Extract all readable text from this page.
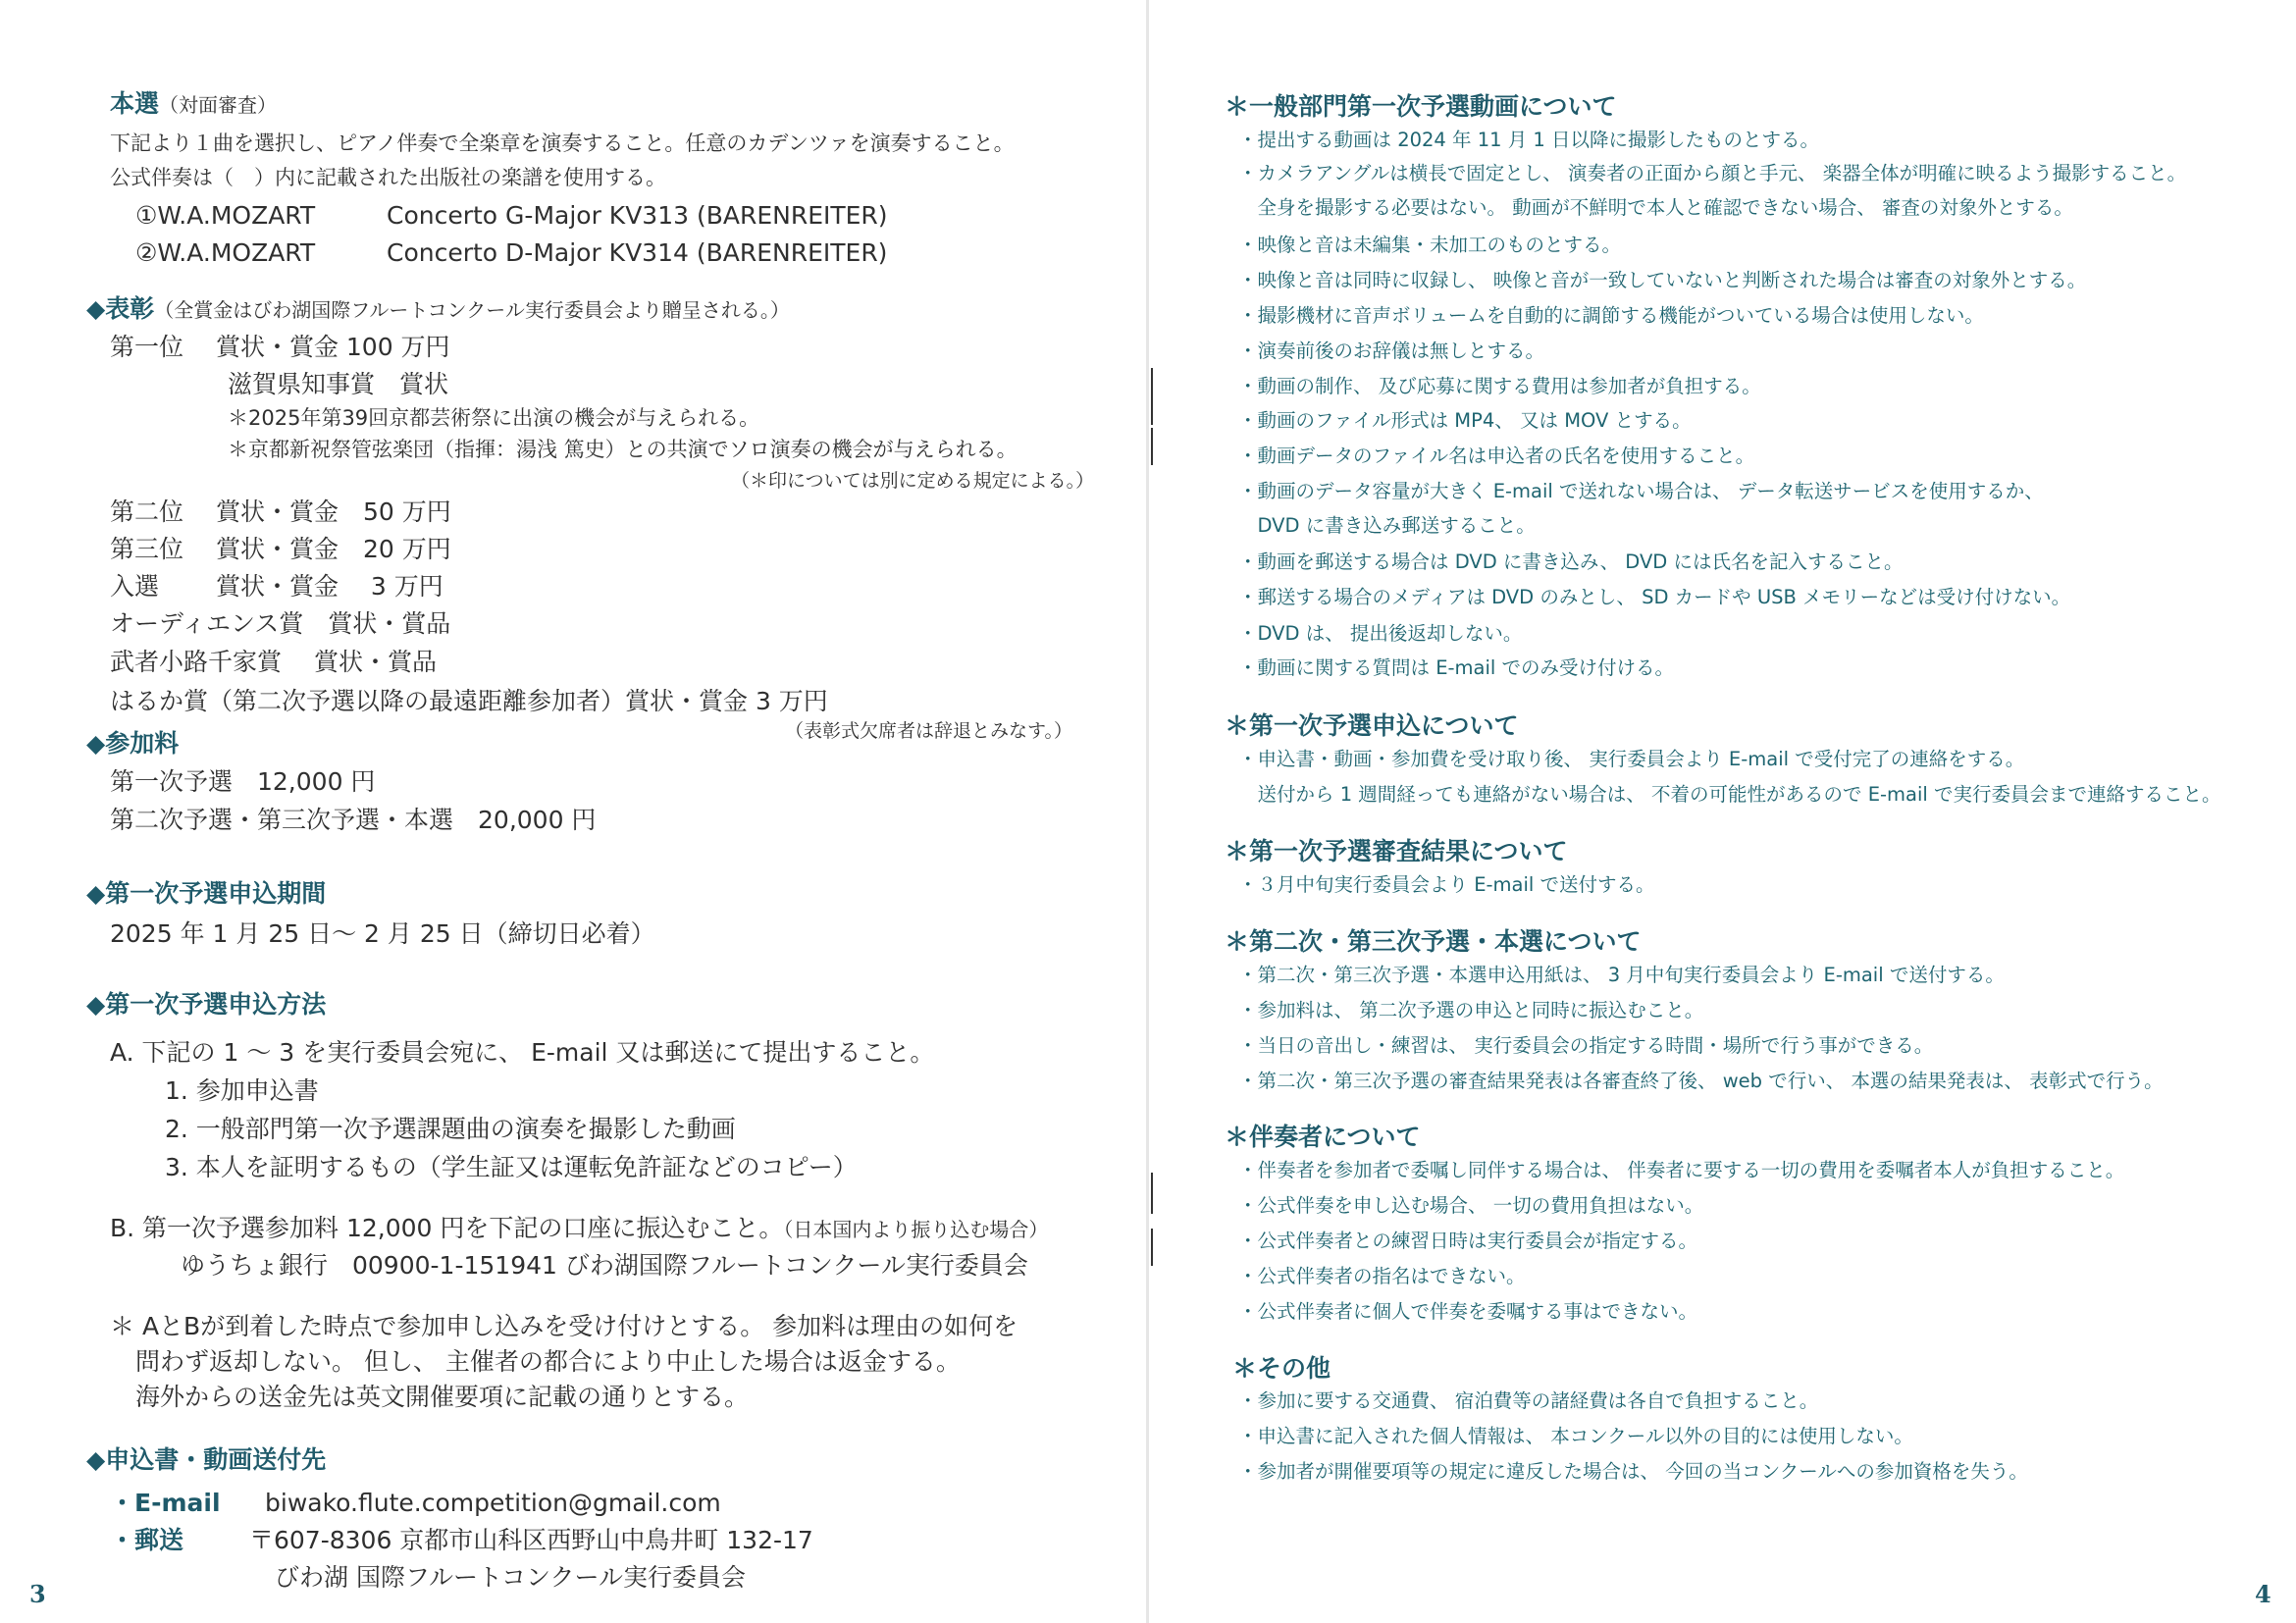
本選（対面審査）
下記より１曲を選択し、ピアノ伴奏で全楽章を演奏すること。任意のカデンツァを演奏すること。
公式伴奏は（　）内に記載された出版社の楽譜を使用する。
①W.A.MOZART	Concerto G-Major KV313 (BARENREITER)
②W.A.MOZART	Concerto D-Major KV314 (BARENREITER)
◆表彰（全賞金はびわ湖国際フルートコンクール実行委員会より贈呈される。）
第一位　 賞状・賞金 100 万円
滋賀県知事賞　賞状
＊2025年第39回京都芸術祭に出演の機会が与えられる。
＊京都新祝祭管弦楽団（指揮：湯浅 篤史）との共演でソロ演奏の機会が与えられる。
（＊印については別に定める規定による。）
第二位　 賞状・賞金　50 万円
第三位　 賞状・賞金　20 万円
入選　　 賞状・賞金　 3 万円
オーディエンス賞　賞状・賞品
武者小路千家賞　 賞状・賞品
はるか賞（第二次予選以降の最遠距離参加者）賞状・賞金 3 万円
（表彰式欠席者は辞退とみなす。）
◆参加料
第一次予選　12,000 円
第二次予選・第三次予選・本選　20,000 円
◆第一次予選申込期間
2025 年 1 月 25 日～ 2 月 25 日（締切日必着）
◆第一次予選申込方法
A. 下記の 1 ～ 3 を実行委員会宛に、 E-mail 又は郵送にて提出すること。
1. 参加申込書
2. 一般部門第一次予選課題曲の演奏を撮影した動画
3. 本人を証明するもの（学生証又は運転免許証などのコピー）
B. 第一次予選参加料 12,000 円を下記の口座に振込むこと。（日本国内より振り込む場合）
ゆうちょ銀行　00900-1-151941 びわ湖国際フルートコンクール実行委員会
＊ AとBが到着した時点で参加申し込みを受け付けとする。 参加料は理由の如何を
問わず返却しない。 但し、 主催者の都合により中止した場合は返金する。
海外からの送金先は英文開催要項に記載の通りとする。
◆申込書・動画送付先
・E-mail biwako.flute.competition@gmail.com
・郵送	〒607-8306 京都市山科区西野山中鳥井町 132-17
びわ湖 国際フルートコンクール実行委員会
3
＊一般部門第一次予選動画について
・提出する動画は 2024 年 11 月 1 日以降に撮影したものとする。
・カメラアングルは横長で固定とし、 演奏者の正面から顔と手元、 楽器全体が明確に映るよう撮影すること。
　全身を撮影する必要はない。 動画が不鮮明で本人と確認できない場合、 審査の対象外とする。
・映像と音は未編集・未加工のものとする。
・映像と音は同時に収録し、 映像と音が一致していないと判断された場合は審査の対象外とする。
・撮影機材に音声ボリュームを自動的に調節する機能がついている場合は使用しない。
・演奏前後のお辞儀は無しとする。
・動画の制作、 及び応募に関する費用は参加者が負担する。
・動画のファイル形式は MP4、 又は MOV とする。
・動画データのファイル名は申込者の氏名を使用すること。
・動画のデータ容量が大きく E-mail で送れない場合は、 データ転送サービスを使用するか、
　DVD に書き込み郵送すること。
・動画を郵送する場合は DVD に書き込み、 DVD には氏名を記入すること。
・郵送する場合のメディアは DVD のみとし、 SD カードや USB メモリーなどは受け付けない。
・DVD は、 提出後返却しない。
・動画に関する質問は E-mail でのみ受け付ける。
＊第一次予選申込について
・申込書・動画・参加費を受け取り後、 実行委員会より E-mail で受付完了の連絡をする。
　送付から 1 週間経っても連絡がない場合は、 不着の可能性があるので E-mail で実行委員会まで連絡すること。
＊第一次予選審査結果について
・３月中旬実行委員会より E-mail で送付する。
＊第二次・第三次予選・本選について
・第二次・第三次予選・本選申込用紙は、 3 月中旬実行委員会より E-mail で送付する。
・参加料は、 第二次予選の申込と同時に振込むこと。
・当日の音出し・練習は、 実行委員会の指定する時間・場所で行う事ができる。
・第二次・第三次予選の審査結果発表は各審査終了後、 web で行い、 本選の結果発表は、 表彰式で行う。
＊伴奏者について
・伴奏者を参加者で委嘱し同伴する場合は、 伴奏者に要する一切の費用を委嘱者本人が負担すること。
・公式伴奏を申し込む場合、 一切の費用負担はない。
・公式伴奏者との練習日時は実行委員会が指定する。
・公式伴奏者の指名はできない。
・公式伴奏者に個人で伴奏を委嘱する事はできない。
＊その他
・参加に要する交通費、 宿泊費等の諸経費は各自で負担すること。
・申込書に記入された個人情報は、 本コンクール以外の目的には使用しない。
・参加者が開催要項等の規定に違反した場合は、 今回の当コンクールへの参加資格を失う。
4
